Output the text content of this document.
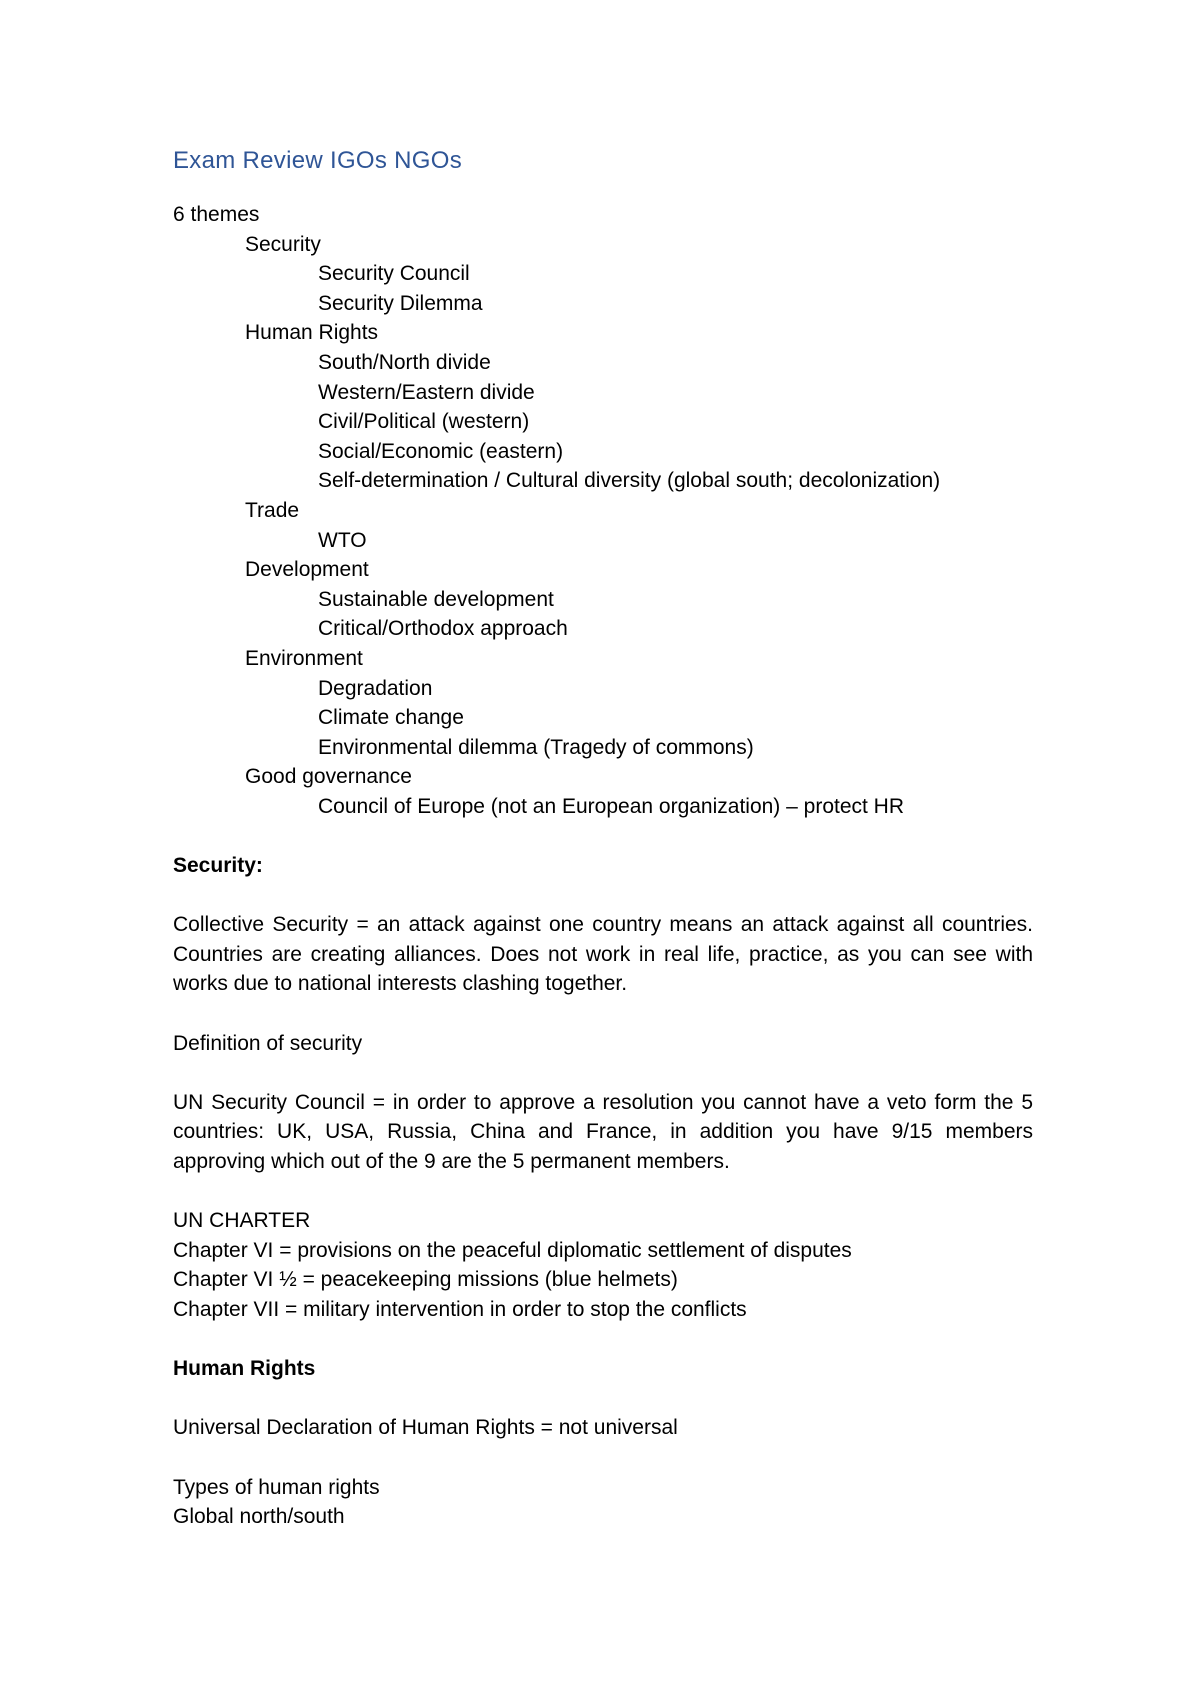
Exam Review IGOs NGOs
6 themes
Security
Security Council
Security Dilemma
Human Rights
South/North divide
Western/Eastern divide
Civil/Political (western)
Social/Economic (eastern)
Self-determination / Cultural diversity (global south; decolonization)
Trade
WTO
Development
Sustainable development
Critical/Orthodox approach
Environment
Degradation
Climate change
Environmental dilemma (Tragedy of commons)
Good governance
Council of Europe (not an European organization) – protect HR
Security:
Collective Security = an attack against one country means an attack against all countries. Countries are creating alliances. Does not work in real life, practice, as you can see with works due to national interests clashing together.
Definition of security
UN Security Council = in order to approve a resolution you cannot have a veto form the 5 countries: UK, USA, Russia, China and France, in addition you have 9/15 members approving which out of the 9 are the 5 permanent members.
UN CHARTER
Chapter VI = provisions on the peaceful diplomatic settlement of disputes
Chapter VI ½ = peacekeeping missions (blue helmets)
Chapter VII = military intervention in order to stop the conflicts
Human Rights
Universal Declaration of Human Rights = not universal
Types of human rights
Global north/south
